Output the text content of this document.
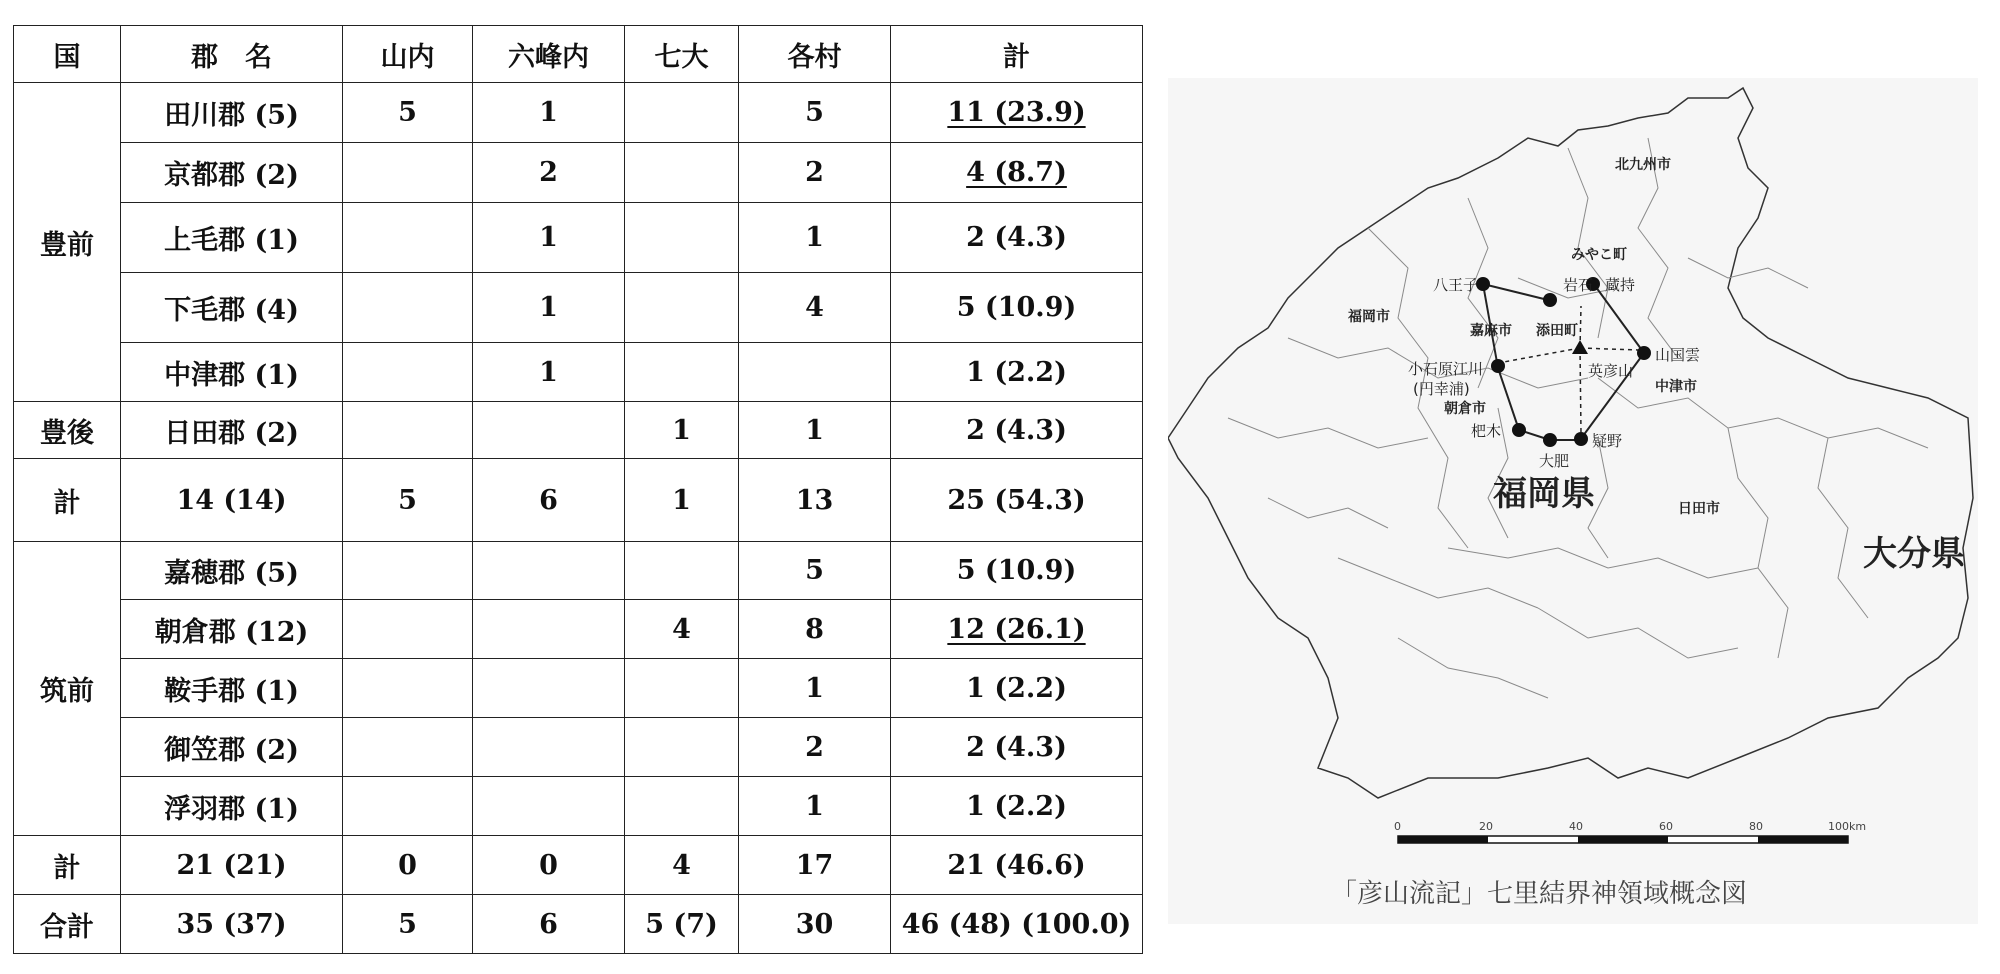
国	郡　名	山内	六峰内	七大	各村	計
豊前	田川郡 (5)	5	1		5	11 (23.9)
	京都郡 (2)		2		2	4 (8.7)
	上毛郡 (1)		1		1	2 (4.3)
	下毛郡 (4)		1		4	5 (10.9)
	中津郡 (1)		1			1 (2.2)
豊後	日田郡 (2)			1	1	2 (4.3)
計	14 (14)	5	6	1	13	25 (54.3)
筑前	嘉穂郡 (5)				5	5 (10.9)
	朝倉郡 (12)			4	8	12 (26.1)
	鞍手郡 (1)				1	1 (2.2)
	御笠郡 (2)				2	2 (4.3)
	浮羽郡 (1)				1	1 (2.2)
計	21 (21)	0	0	4	17	21 (46.6)
合計	35 (37)	5	6	5 (7)	30	46 (48) (100.0)
北九州市
みやこ町
八王子	岩石 蔵持
福岡市
嘉麻市 添田町
小石原江川
(円幸浦)
英彦山
山国雲
中津市
朝倉市
杷木
大肥
疑野
福岡県	日田市
大分県
0	20	40	60	80	100km
「彦山流記」七里結界神領域概念図
